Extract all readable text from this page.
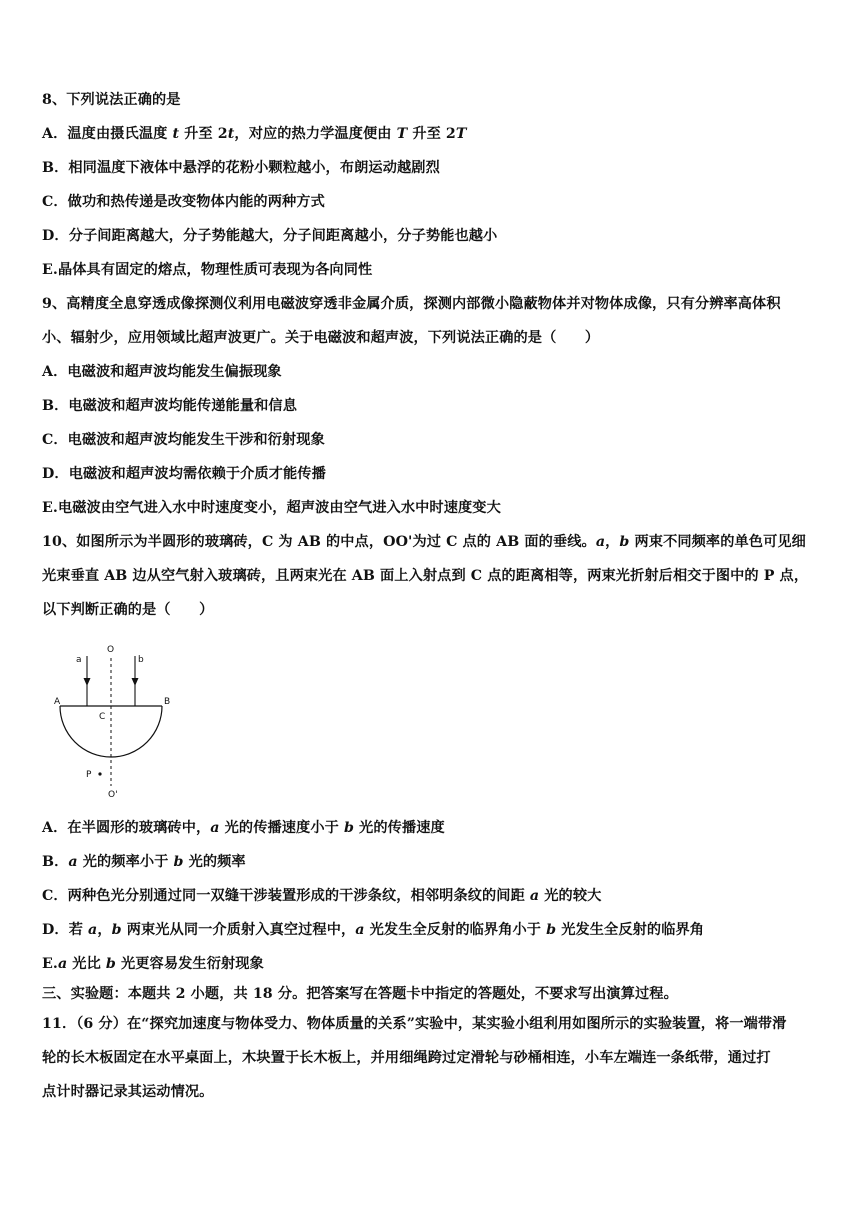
8、下列说法正确的是
A．温度由摄氏温度 t 升至 2t，对应的热力学温度便由 T 升至 2T
B．相同温度下液体中悬浮的花粉小颗粒越小，布朗运动越剧烈
C．做功和热传递是改变物体内能的两种方式
D．分子间距离越大，分子势能越大，分子间距离越小，分子势能也越小
E.晶体具有固定的熔点，物理性质可表现为各向同性
9、高精度全息穿透成像探测仪利用电磁波穿透非金属介质，探测内部微小隐蔽物体并对物体成像，只有分辨率高体积
小、辐射少，应用领域比超声波更广。关于电磁波和超声波，下列说法正确的是（　　）
A．电磁波和超声波均能发生偏振现象
B．电磁波和超声波均能传递能量和信息
C．电磁波和超声波均能发生干涉和衍射现象
D．电磁波和超声波均需依赖于介质才能传播
E.电磁波由空气进入水中时速度变小，超声波由空气进入水中时速度变大
10、如图所示为半圆形的玻璃砖，C 为 AB 的中点，OO'为过 C 点的 AB 面的垂线。a，b 两束不同频率的单色可见细
光束垂直 AB 边从空气射入玻璃砖，且两束光在 AB 面上入射点到 C 点的距离相等，两束光折射后相交于图中的 P 点，
以下判断正确的是（　　）
a	b
O
A	B
C
P
O'
A．在半圆形的玻璃砖中，a 光的传播速度小于 b 光的传播速度
B．a 光的频率小于 b 光的频率
C．两种色光分别通过同一双缝干涉装置形成的干涉条纹，相邻明条纹的间距 a 光的较大
D．若 a，b 两束光从同一介质射入真空过程中，a 光发生全反射的临界角小于 b 光发生全反射的临界角
E.a 光比 b 光更容易发生衍射现象
三、实验题：本题共 2 小题，共 18 分。把答案写在答题卡中指定的答题处，不要求写出演算过程。
11．（6 分）在“探究加速度与物体受力、物体质量的关系”实验中，某实验小组利用如图所示的实验装置，将一端带滑
轮的长木板固定在水平桌面上，木块置于长木板上，并用细绳跨过定滑轮与砂桶相连，小车左端连一条纸带，通过打
点计时器记录其运动情况。
